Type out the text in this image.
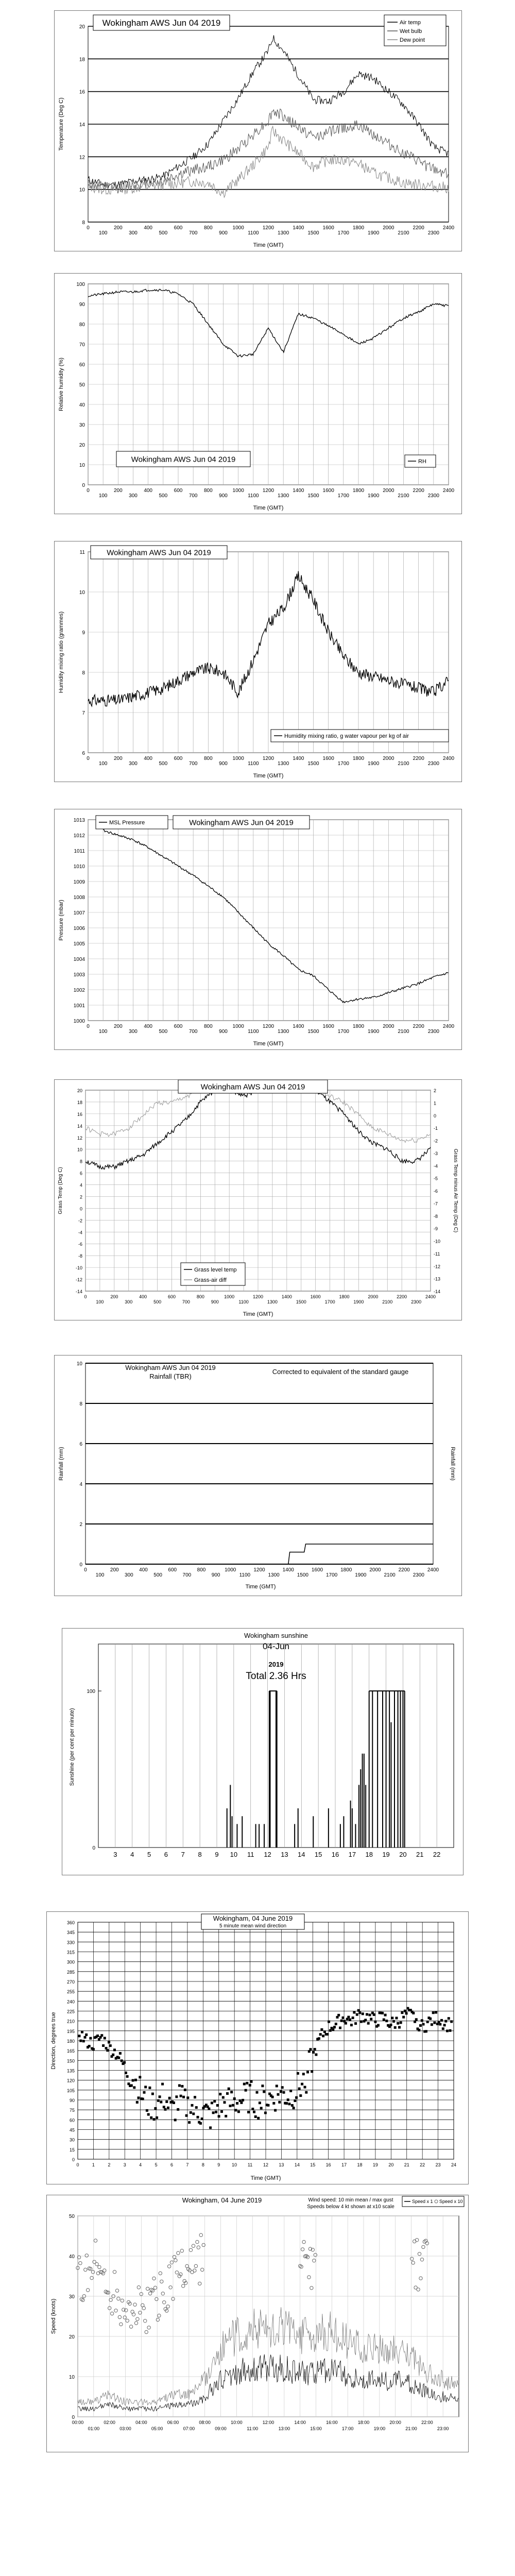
8
10
12
14
16
18
20
0
100
200
300
400
500
600
700
800
900
1000
1100
1200
1300
1400
1500
1600
1700
1800
1900
2000
2100
2200
2300
2400
Wokingham AWS Jun 04 2019	Air temp
Wet bulb
Dew point
Temperature (Deg C)
Time (GMT)
0
10
20
30
40
50
60
70
80
90
100
0
100
200
300
400
500
600
700
800
900
1000
1100
1200
1300
1400
1500
1600
1700
1800
1900
2000
2100
2200
2300
2400
Wokingham AWS Jun 04 2019	RH
Relative humidity (%)
Time (GMT)
6
7
8
9
10
11
0
100
200
300
400
500
600
700
800
900
1000
1100
1200
1300
1400
1500
1600
1700
1800
1900
2000
2100
2200
2300
2400
Wokingham AWS Jun 04 2019
Humidity mixing ratio, g water vapour per kg of air
Humidity mixing ratio (grammes)
Time (GMT)
1000
1001
1002
1003
1004
1005
1006
1007
1008
1009
1010
1011
1012
1013
0
100
200
300
400
500
600
700
800
900
1000
1100
1200
1300
1400
1500
1600
1700
1800
1900
2000
2100
2200
2300
2400
MSL Pressure	Wokingham AWS Jun 04 2019
Pressure (mbar)
Time (GMT)
-14
-12
-10
-8
-6
-4
-2
0
2
4
6
8
10
12
14
16
18
20
0
100
200
300
400
500
600
700
800
900
1000
1100
1200
1300
1400
1500
1600
1700
1800
1900
2000
2100
2200
2300
2400
-14
-13
-12
-11
-10
-9
-8
-7
-6
-5
-4
-3
-2
-1
0
1
2
Wokingham AWS Jun 04 2019
Grass level temp
Grass-air diff
Grass Temp (Deg C)	Grass Temp minus Air Temp (Deg C)
Time (GMT)
0
2
4
6
8
10
0
100
200
300
400
500
600
700
800
900
1000
1100
1200
1300
1400
1500
1600
1700
1800
1900
2000
2100
2200
2300
2400
Wokingham AWS Jun 04 2019
Rainfall (TBR)
Corrected to equivalent of the standard gauge
Rainfall (mm)	Rainfall (mm)
Time (GMT)
3 4 5 6 7 8 9 10 11 12 13 14 15 16 17 18 19 20 21 22
0
100
Wokingham sunshine
04-Jun
2019
Total 2.36 Hrs
Sunshine (per cent per minute)
0
15
30
45
60
75
90
105
120
135
150
165
180
195
210
225
240
255
270
285
300
315
330
345
360
0	1	2	3	4	5	6	7	8	9	10 11 12 13 14 15 16 17 18 19 20 21 22 23 24
Wokingham, 04 June 2019
5 minute mean wind direction
Direction, degrees true
Time (GMT)
0
10
20
30
40
50
00:00
01:00
02:00
03:00
04:00
05:00
06:00
07:00
08:00
09:00
10:00
11:00
12:00
13:00
14:00
15:00
16:00
17:00
18:00
19:00
20:00
21:00
22:00
23:00
Wokingham, 04 June 2019	Wind speed: 10 min mean / max gust
Speeds below 4 kt shown at x10 scale
Speed x 1 Speed x 10
Speed (knots)
